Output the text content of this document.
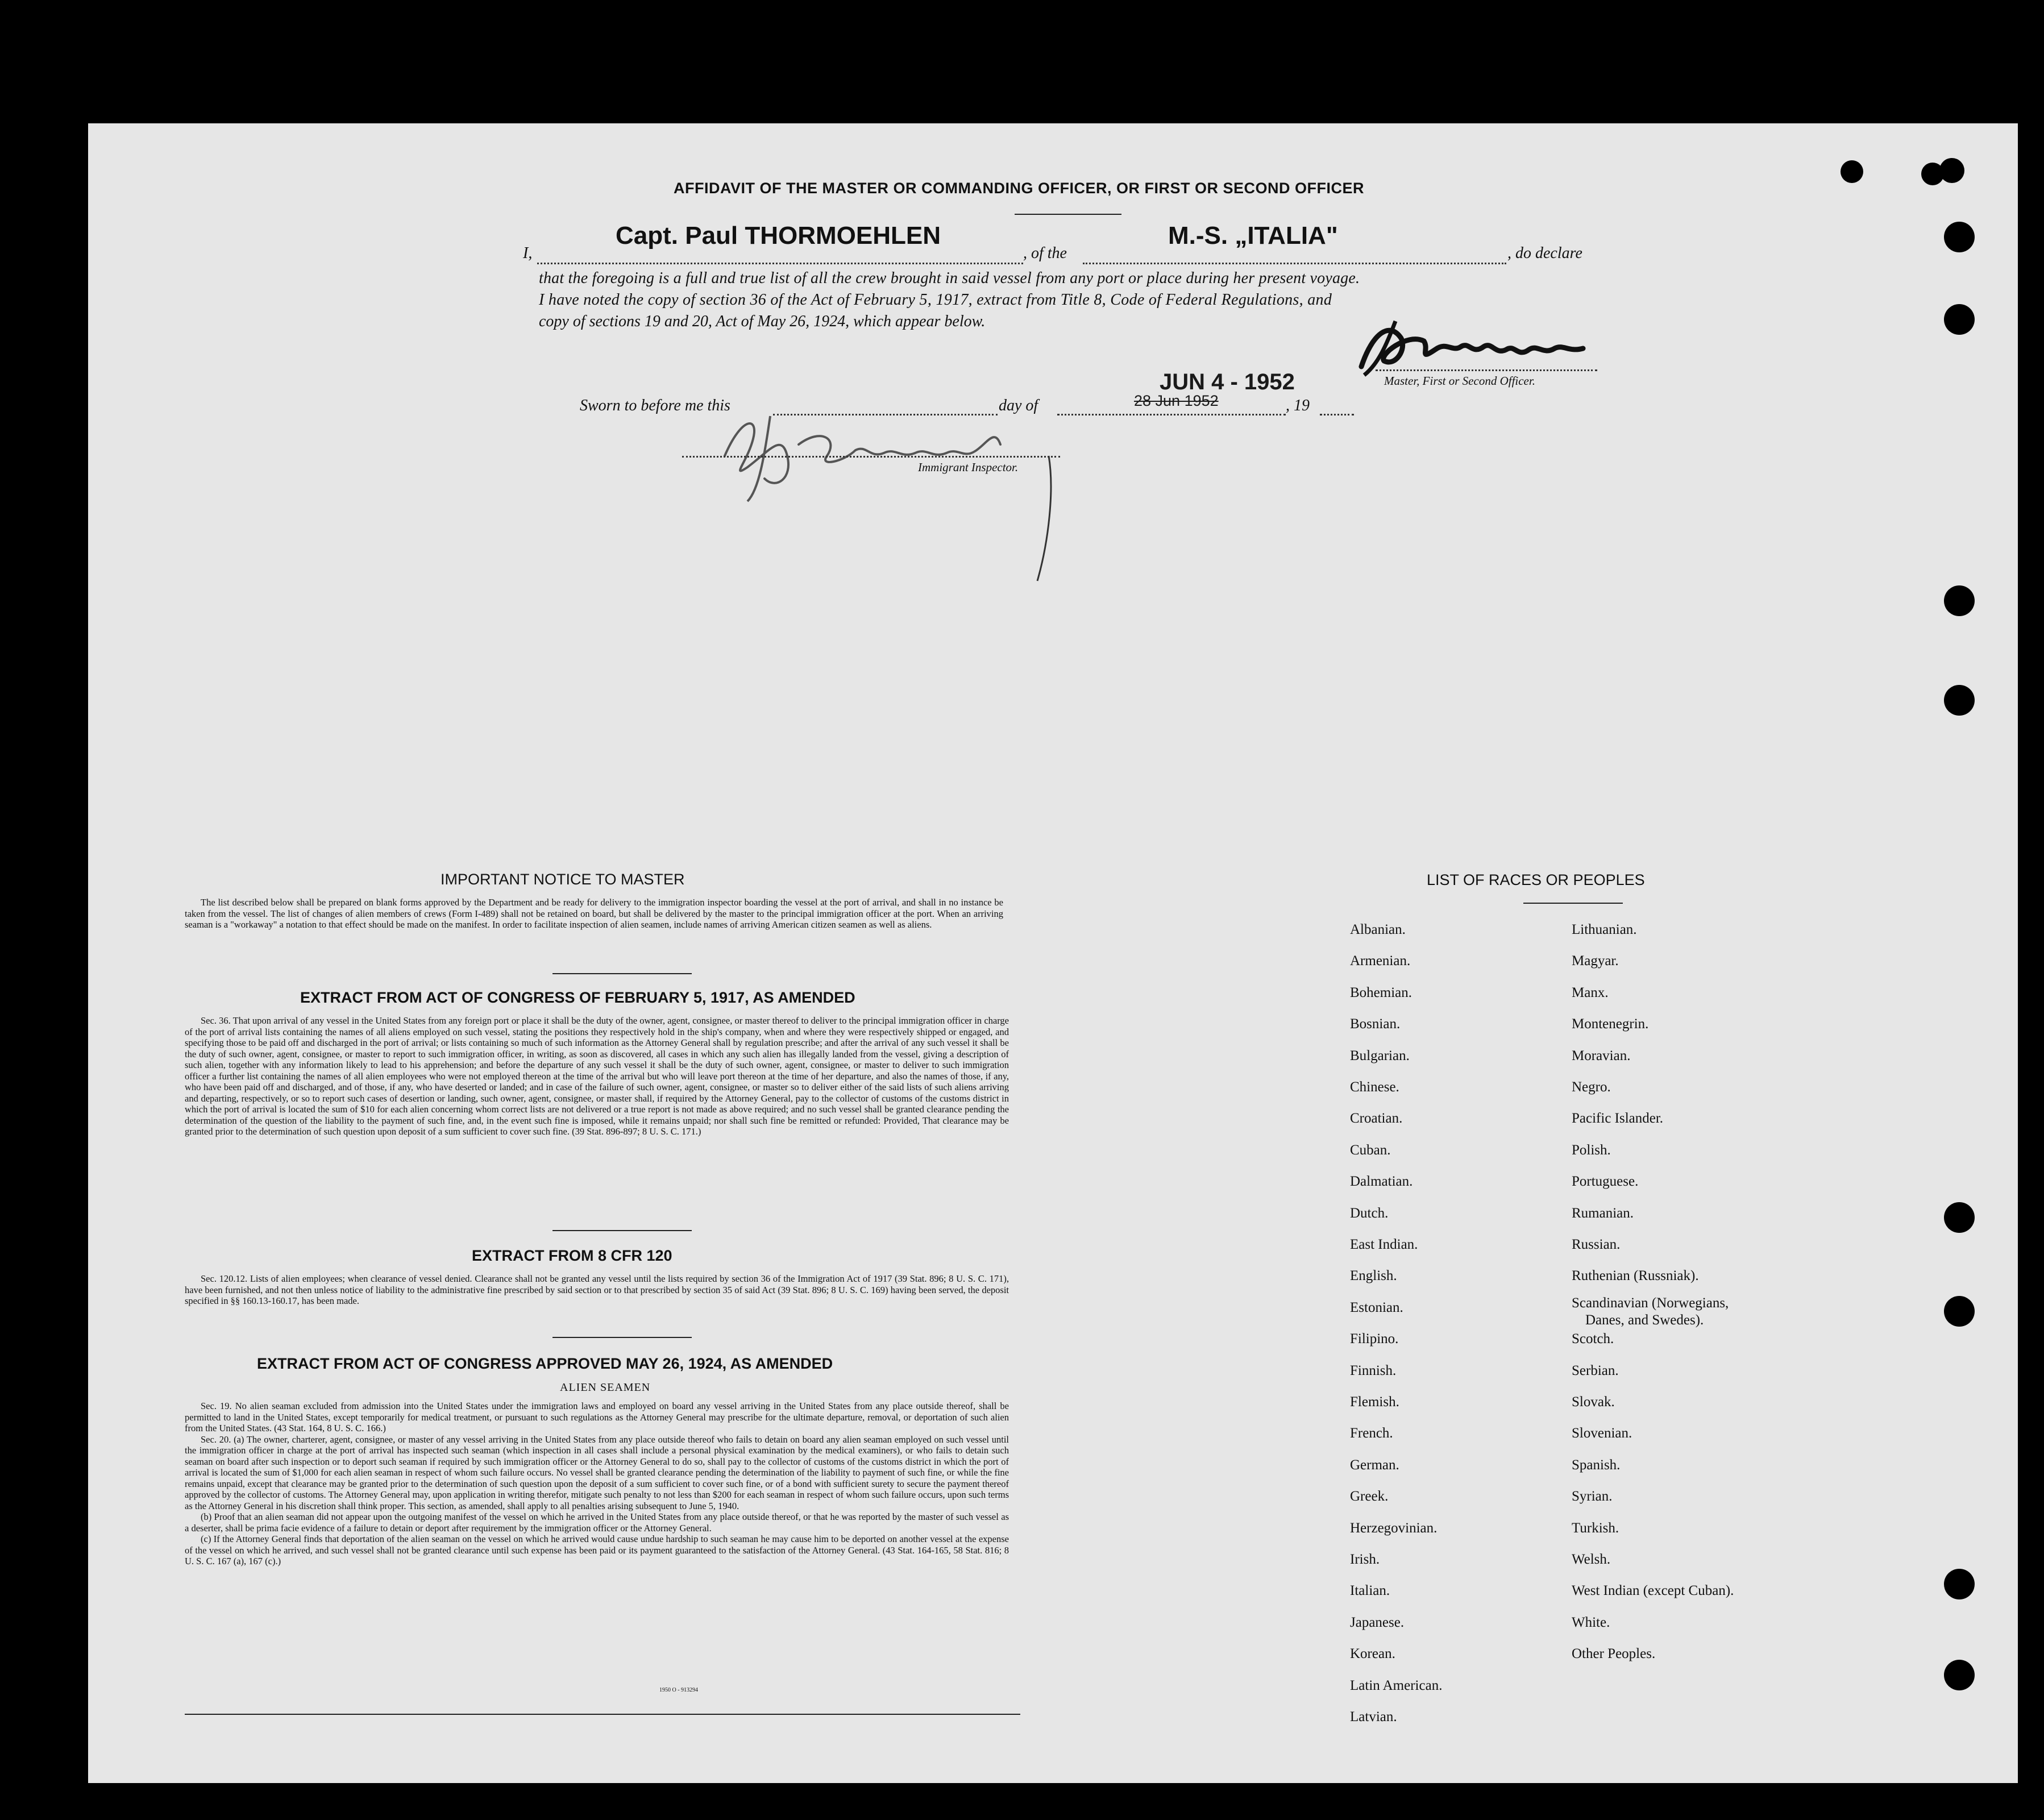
AFFIDAVIT OF THE MASTER OR COMMANDING OFFICER, OR FIRST OR SECOND OFFICER
I,
Capt. Paul THORMOEHLEN
, of the
M.-S. „ITALIA"
, do declare
that the foregoing is a full and true list of all the crew brought in said vessel from any port or place during her present voyage.
I have noted the copy of section 36 of the Act of February 5, 1917, extract from Title 8, Code of Federal Regulations, and
copy of sections 19 and 20, Act of May 26, 1924, which appear below.
Master, First or Second Officer.
Sworn to before me this	day of
JUN 4 - 1952
28 Jun 1952	, 19
Immigrant Inspector.
IMPORTANT NOTICE TO MASTER

The list described below shall be prepared on blank forms approved by the Department and be ready for delivery to the immigration inspector boarding the vessel at the port of arrival, and shall in no instance be taken from the vessel. The list of changes of alien members of crews (Form I-489) shall not be retained on board, but shall be delivered by the master to the principal immigration officer at the port. When an arriving seaman is a "workaway" a notation to that effect should be made on the manifest. In order to facilitate inspection of alien seamen, include names of arriving American citizen seamen as well as aliens.

EXTRACT FROM ACT OF CONGRESS OF FEBRUARY 5, 1917, AS AMENDED

Sec. 36. That upon arrival of any vessel in the United States from any foreign port or place it shall be the duty of the owner, agent, consignee, or master thereof to deliver to the principal immigration officer in charge of the port of arrival lists containing the names of all aliens employed on such vessel, stating the positions they respectively hold in the ship's company, when and where they were respectively shipped or engaged, and specifying those to be paid off and discharged in the port of arrival; or lists containing so much of such information as the Attorney General shall by regulation prescribe; and after the arrival of any such vessel it shall be the duty of such owner, agent, consignee, or master to report to such immigration officer, in writing, as soon as discovered, all cases in which any such alien has illegally landed from the vessel, giving a description of such alien, together with any information likely to lead to his apprehension; and before the departure of any such vessel it shall be the duty of such owner, agent, consignee, or master to deliver to such immigration officer a further list containing the names of all alien employees who were not employed thereon at the time of the arrival but who will leave port thereon at the time of her departure, and also the names of those, if any, who have been paid off and discharged, and of those, if any, who have deserted or landed; and in case of the failure of such owner, agent, consignee, or master so to deliver either of the said lists of such aliens arriving and departing, respectively, or so to report such cases of desertion or landing, such owner, agent, consignee, or master shall, if required by the Attorney General, pay to the collector of customs of the customs district in which the port of arrival is located the sum of $10 for each alien concerning whom correct lists are not delivered or a true report is not made as above required; and no such vessel shall be granted clearance pending the determination of the question of the liability to the payment of such fine, and, in the event such fine is imposed, while it remains unpaid; nor shall such fine be remitted or refunded: Provided, That clearance may be granted prior to the determination of such question upon deposit of a sum sufficient to cover such fine. (39 Stat. 896-897; 8 U. S. C. 171.)

EXTRACT FROM 8 CFR 120

Sec. 120.12. Lists of alien employees; when clearance of vessel denied. Clearance shall not be granted any vessel until the lists required by section 36 of the Immigration Act of 1917 (39 Stat. 896; 8 U. S. C. 171), have been furnished, and not then unless notice of liability to the administrative fine prescribed by said section or to that prescribed by section 35 of said Act (39 Stat. 896; 8 U. S. C. 169) having been served, the deposit specified in §§ 160.13-160.17, has been made.

EXTRACT FROM ACT OF CONGRESS APPROVED MAY 26, 1924, AS AMENDED
ALIEN SEAMEN

Sec. 19. No alien seaman excluded from admission into the United States under the immigration laws and employed on board any vessel arriving in the United States from any place outside thereof, shall be permitted to land in the United States, except temporarily for medical treatment, or pursuant to such regulations as the Attorney General may prescribe for the ultimate departure, removal, or deportation of such alien from the United States. (43 Stat. 164, 8 U. S. C. 166.)

Sec. 20. (a) The owner, charterer, agent, consignee, or master of any vessel arriving in the United States from any place outside thereof who fails to detain on board any alien seaman employed on such vessel until the immigration officer in charge at the port of arrival has inspected such seaman (which inspection in all cases shall include a personal physical examination by the medical examiners), or who fails to detain such seaman on board after such inspection or to deport such seaman if required by such immigration officer or the Attorney General to do so, shall pay to the collector of customs of the customs district in which the port of arrival is located the sum of $1,000 for each alien seaman in respect of whom such failure occurs. No vessel shall be granted clearance pending the determination of the liability to payment of such fine, or while the fine remains unpaid, except that clearance may be granted prior to the determination of such question upon the deposit of a sum sufficient to cover such fine, or of a bond with sufficient surety to secure the payment thereof approved by the collector of customs. The Attorney General may, upon application in writing therefor, mitigate such penalty to not less than $200 for each seaman in respect of whom such failure occurs, upon such terms as the Attorney General in his discretion shall think proper. This section, as amended, shall apply to all penalties arising subsequent to June 5, 1940.

(b) Proof that an alien seaman did not appear upon the outgoing manifest of the vessel on which he arrived in the United States from any place outside thereof, or that he was reported by the master of such vessel as a deserter, shall be prima facie evidence of a failure to detain or deport after requirement by the immigration officer or the Attorney General.

(c) If the Attorney General finds that deportation of the alien seaman on the vessel on which he arrived would cause undue hardship to such seaman he may cause him to be deported on another vessel at the expense of the vessel on which he arrived, and such vessel shall not be granted clearance until such expense has been paid or its payment guaranteed to the satisfaction of the Attorney General. (43 Stat. 164-165, 58 Stat. 816; 8 U. S. C. 167 (a), 167 (c).)

1950 O - 913294
LIST OF RACES OR PEOPLES
Albanian.
Armenian.
Bohemian.
Bosnian.
Bulgarian.
Chinese.
Croatian.
Cuban.
Dalmatian.
Dutch.
East Indian.
English.
Estonian.
Filipino.
Finnish.
Flemish.
French.
German.
Greek.
Herzegovinian.
Irish.
Italian.
Japanese.
Korean.
Latin American.
Latvian.
Lithuanian.
Magyar.
Manx.
Montenegrin.
Moravian.
Negro.
Pacific Islander.
Polish.
Portuguese.
Rumanian.
Russian.
Ruthenian (Russniak).
Scandinavian (Norwegians,
Danes, and Swedes).
Scotch.
Serbian.
Slovak.
Slovenian.
Spanish.
Syrian.
Turkish.
Welsh.
West Indian (except Cuban).
White.
Other Peoples.
